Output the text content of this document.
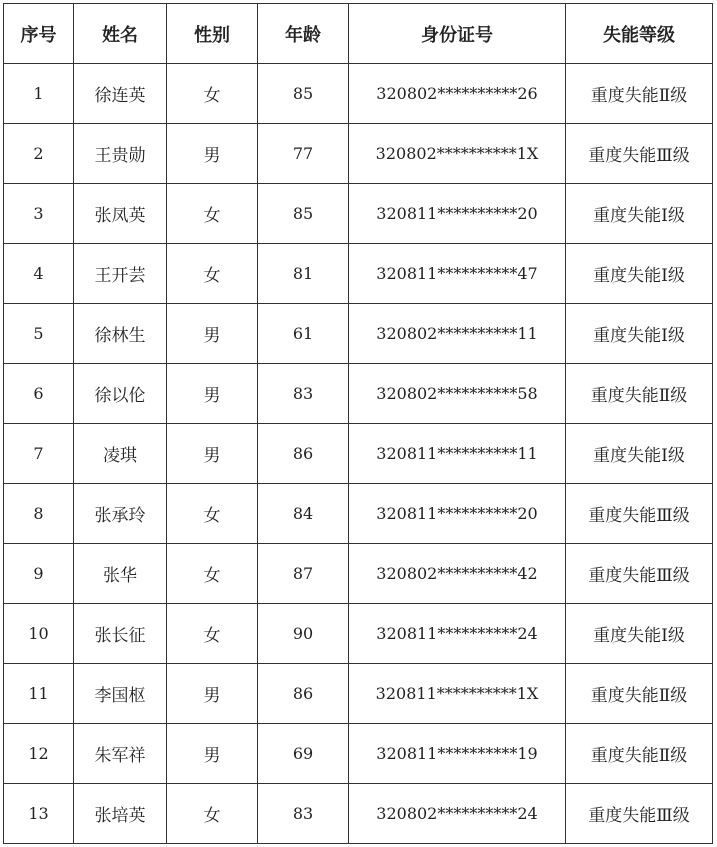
序号	姓名	性别	年龄	身份证号	失能等级
1	徐连英	女	85	320802**********26	重度失能Ⅱ级
2	王贵勋	男	77	320802**********1X	重度失能Ⅲ级
3	张凤英	女	85	320811**********20	重度失能Ⅰ级
4	王开芸	女	81	320811**********47	重度失能Ⅰ级
5	徐林生	男	61	320802**********11	重度失能Ⅰ级
6	徐以伦	男	83	320802**********58	重度失能Ⅱ级
7	凌琪	男	86	320811**********11	重度失能Ⅰ级
8	张承玲	女	84	320811**********20	重度失能Ⅲ级
9	张华	女	87	320802**********42	重度失能Ⅲ级
10	张长征	女	90	320811**********24	重度失能Ⅰ级
11	李国枢	男	86	320811**********1X	重度失能Ⅱ级
12	朱军祥	男	69	320811**********19	重度失能Ⅱ级
13	张培英	女	83	320802**********24	重度失能Ⅲ级
